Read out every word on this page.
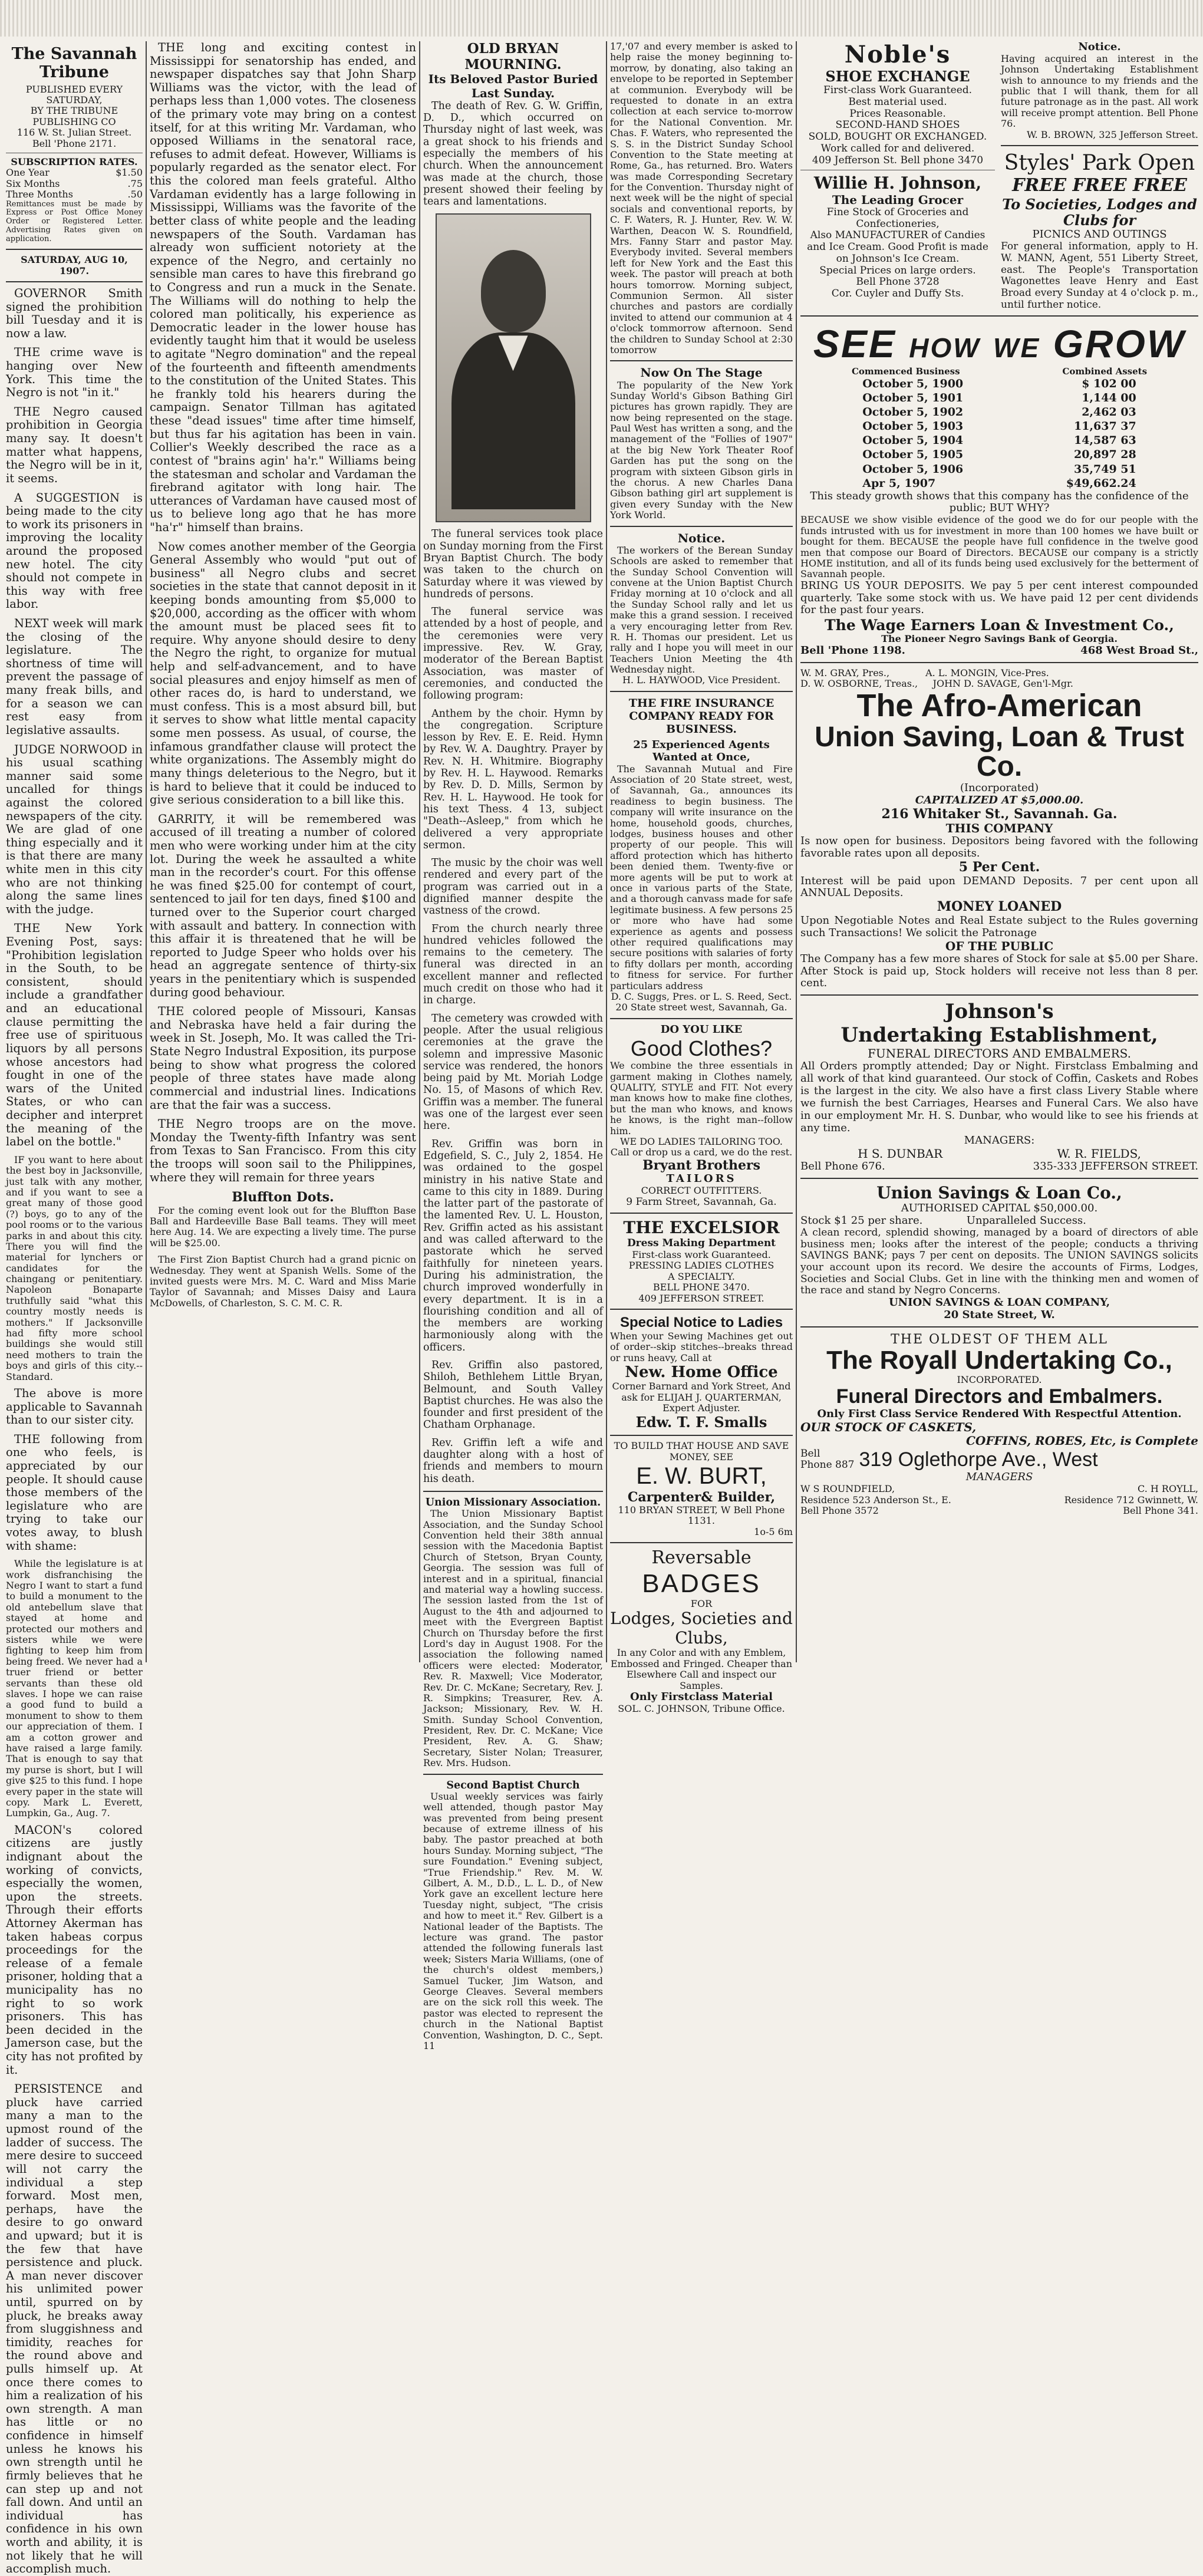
The Savannah Tribune
PUBLISHED EVERY SATURDAY,
BY THE TRIBUNE PUBLISHING CO
116 W. St. Julian Street.
Bell 'Phone 2171.
SUBSCRIPTION RATES.
One Year	$1.50
Six Months	.75
Three Months	.50
Remittances must be made by Express or Post Office Money Order or Registered Letter. Advertising Rates given on application.
SATURDAY, AUG 10, 1907.

GOVERNOR Smith signed the prohibition bill Tuesday and it is now a law.

THE crime wave is hanging over New York. This time the Negro is not "in it."

THE Negro caused prohibition in Georgia many say. It doesn't matter what happens, the Negro will be in it, it seems.

A SUGGESTION is being made to the city to work its prisoners in improving the locality around the proposed new hotel. The city should not compete in this way with free labor.

NEXT week will mark the closing of the legislature. The shortness of time will prevent the passage of many freak bills, and for a season we can rest easy from legislative assaults.

JUDGE NORWOOD in his usual scathing manner said some uncalled for things against the colored newspapers of the city. We are glad of one thing especially and it is that there are many white men in this city who are not thinking along the same lines with the judge.

THE New York Evening Post, says: "Prohibition legislation in the South, to be consistent, should include a grandfather and an educational clause permitting the free use of spirituous liquors by all persons whose ancestors had fought in one of the wars of the United States, or who can decipher and interpret the meaning of the label on the bottle."

IF you want to here about the best boy in Jacksonville, just talk with any mother, and if you want to see a great many of those good (?) boys, go to any of the pool rooms or to the various parks in and about this city. There you will find the material for lynchers or candidates for the chaingang or penitentiary. Napoleon Bonaparte truthfully said "what this country mostly needs is mothers." If Jacksonville had fifty more school buildings she would still need mothers to train the boys and girls of this city.--Standard.

The above is more applicable to Savannah than to our sister city.

THE following from one who feels, is appreciated by our people. It should cause those members of the legislature who are trying to take our votes away, to blush with shame:

While the legislature is at work disfranchising the Negro I want to start a fund to build a monument to the old antebellum slave that stayed at home and protected our mothers and sisters while we were fighting to keep him from being freed. We never had a truer friend or better servants than these old slaves. I hope we can raise a good fund to build a monument to show to them our appreciation of them. I am a cotton grower and have raised a large family. That is enough to say that my purse is short, but I will give $25 to this fund. I hope every paper in the state will copy. Mark L. Everett, Lumpkin, Ga., Aug. 7.

MACON's colored citizens are justly indignant about the working of convicts, especially the women, upon the streets. Through their efforts Attorney Akerman has taken habeas corpus proceedings for the release of a female prisoner, holding that a municipality has no right to so work prisoners. This has been decided in the Jamerson case, but the city has not profited by it.

PERSISTENCE and pluck have carried many a man to the upmost round of the ladder of success. The mere desire to succeed will not carry the individual a step forward. Most men, perhaps, have the desire to go onward and upward; but it is the few that have persistence and pluck. A man never discover his unlimited power until, spurred on by pluck, he breaks away from sluggishness and timidity, reaches for the round above and pulls himself up. At once there comes to him a realization of his own strength. A man has little or no confidence in himself unless he knows his own strength until he firmly believes that he can step up and not fall down. And until an individual has confidence in his own worth and ability, it is not likely that he will accomplish much.

THE long and exciting contest in Mississippi for senatorship has ended, and newspaper dispatches say that John Sharp Williams was the victor, with the lead of perhaps less than 1,000 votes. The closeness of the primary vote may bring on a contest itself, for at this writing Mr. Vardaman, who opposed Williams in the senatoral race, refuses to admit defeat. However, Williams is popularly regarded as the senator elect. For this the colored man feels grateful. Altho Vardaman evidently has a large following in Mississippi, Williams was the favorite of the better class of white people and the leading newspapers of the South. Vardaman has already won sufficient notoriety at the expence of the Negro, and certainly no sensible man cares to have this firebrand go to Congress and run a muck in the Senate. The Williams will do nothing to help the colored man politically, his experience as Democratic leader in the lower house has evidently taught him that it would be useless to agitate "Negro domination" and the repeal of the fourteenth and fifteenth amendments to the constitution of the United States. This he frankly told his hearers during the campaign. Senator Tillman has agitated these "dead issues" time after time himself, but thus far his agitation has been in vain. Collier's Weekly described the race as a contest of "brains agin' ha'r." Williams being the statesman and scholar and Vardaman the firebrand agitator with long hair. The utterances of Vardaman have caused most of us to believe long ago that he has more "ha'r" himself than brains.

Now comes another member of the Georgia General Assembly who would "put out of business" all Negro clubs and secret societies in the state that cannot deposit in it keeping bonds amounting from $5,000 to $20,000, according as the officer with whom the amount must be placed sees fit to require. Why anyone should desire to deny the Negro the right, to organize for mutual help and self-advancement, and to have social pleasures and enjoy himself as men of other races do, is hard to understand, we must confess. This is a most absurd bill, but it serves to show what little mental capacity some men possess. As usual, of course, the infamous grandfather clause will protect the white organizations. The Assembly might do many things deleterious to the Negro, but it is hard to believe that it could be induced to give serious consideration to a bill like this.

GARRITY, it will be remembered was accused of ill treating a number of colored men who were working under him at the city lot. During the week he assaulted a white man in the recorder's court. For this offense he was fined $25.00 for contempt of court, sentenced to jail for ten days, fined $100 and turned over to the Superior court charged with assault and battery. In connection with this affair it is threatened that he will be reported to Judge Speer who holds over his head an aggregate sentence of thirty-six years in the penitentiary which is suspended during good behaviour.

THE colored people of Missouri, Kansas and Nebraska have held a fair during the week in St. Joseph, Mo. It was called the Tri-State Negro Industral Exposition, its purpose being to show what progress the colored people of three states have made along commercial and industrial lines. Indications are that the fair was a success.

THE Negro troops are on the move. Monday the Twenty-fifth Infantry was sent from Texas to San Francisco. From this city the troops will soon sail to the Philippines, where they will remain for three years

Bluffton Dots.

For the coming event look out for the Bluffton Base Ball and Hardeeville Base Ball teams. They will meet here Aug. 14. We are expecting a lively time. The purse will be $25.00.

The First Zion Baptist Church had a grand picnic on Wednesday. They went at Spanish Wells. Some of the invited guests were Mrs. M. C. Ward and Miss Marie Taylor of Savannah; and Misses Daisy and Laura McDowells, of Charleston, S. C. M. C. R.

OLD BRYAN MOURNING.
Its Beloved Pastor Buried Last Sunday.

The death of Rev. G. W. Griffin, D. D., which occurred on Thursday night of last week, was a great shock to his friends and especially the members of his church. When the announcement was made at the church, those present showed their feeling by tears and lamentations.

The funeral services took place on Sunday morning from the First Bryan Baptist Church. The body was taken to the church on Saturday where it was viewed by hundreds of persons.

The funeral service was attended by a host of people, and the ceremonies were very impressive. Rev. W. Gray, moderator of the Berean Baptist Association, was master of ceremonies, and conducted the following program:

Anthem by the choir. Hymn by the congregation. Scripture lesson by Rev. E. E. Reid. Hymn by Rev. W. A. Daughtry. Prayer by Rev. N. H. Whitmire. Biography by Rev. H. L. Haywood. Remarks by Rev. D. D. Mills, Sermon by Rev. H. L. Haywood. He took for his text Thess. 4 13, subject "Death--Asleep," from which he delivered a very appropriate sermon.

The music by the choir was well rendered and every part of the program was carried out in a dignified manner despite the vastness of the crowd.

From the church nearly three hundred vehicles followed the remains to the cemetery. The funeral was directed in an excellent manner and reflected much credit on those who had it in charge.

The cemetery was crowded with people. After the usual religious ceremonies at the grave the solemn and impressive Masonic service was rendered, the honors being paid by Mt. Moriah Lodge No. 15, of Masons of which Rev. Griffin was a member. The funeral was one of the largest ever seen here.

Rev. Griffin was born in Edgefield, S. C., July 2, 1854. He was ordained to the gospel ministry in his native State and came to this city in 1889. During the latter part of the pastorate of the lamented Rev. U. L. Houston, Rev. Griffin acted as his assistant and was called afterward to the pastorate which he served faithfully for nineteen years. During his administration, the church improved wonderfully in every department. It is in a flourishing condition and all of the members are working harmoniously along with the officers.

Rev. Griffin also pastored, Shiloh, Bethlehem Little Bryan, Belmount, and South Valley Baptist churches. He was also the founder and first president of the Chatham Orphanage.

Rev. Griffin left a wife and daughter along with a host of friends and members to mourn his death.

Union Missionary Association.
The Union Missionary Baptist Association, and the Sunday School Convention held their 38th annual session with the Macedonia Baptist Church of Stetson, Bryan County, Georgia. The session was full of interest and in a spiritual, financial and material way a howling success. The session lasted from the 1st of August to the 4th and adjourned to meet with the Evergreen Baptist Church on Thursday before the first Lord's day in August 1908. For the association the following named officers were elected: Moderator, Rev. R. Maxwell; Vice Moderator, Rev. Dr. C. McKane; Secretary, Rev. J. R. Simpkins; Treasurer, Rev. A. Jackson; Missionary, Rev. W. H. Smith. Sunday School Convention, President, Rev. Dr. C. McKane; Vice President, Rev. A. G. Shaw; Secretary, Sister Nolan; Treasurer, Rev. Mrs. Hudson.
Second Baptist Church
Usual weekly services was fairly well attended, though pastor May was prevented from being present because of extreme illness of his baby. The pastor preached at both hours Sunday. Morning subject, "The sure Foundation." Evening subject, "True Friendship." Rev. M. W. Gilbert, A. M., D.D., L. L. D., of New York gave an excellent lecture here Tuesday night, subject, "The crisis and how to meet it." Rev. Gilbert is a National leader of the Baptists. The lecture was grand. The pastor attended the following funerals last week; Sisters Maria Williams, (one of the church's oldest members,) Samuel Tucker, Jim Watson, and George Cleaves. Several members are on the sick roll this week. The pastor was elected to represent the church in the National Baptist Convention, Washington, D. C., Sept. 11
17,'07 and every member is asked to help raise the money beginning to-morrow, by donating, also taking an envelope to be reported in September at communion. Everybody will be requested to donate in an extra collection at each service to-morrow for the National Convention. Mr. Chas. F. Waters, who represented the S. S. in the District Sunday School Convention to the State meeting at Rome, Ga., has returned. Bro. Waters was made Corresponding Secretary for the Convention. Thursday night of next week will be the night of special socials and conventional reports, by C. F. Waters, R. J. Hunter, Rev. W. W. Warthen, Deacon W. S. Roundfield, Mrs. Fanny Starr and pastor May. Everybody invited. Several members left for New York and the East this week. The pastor will preach at both hours tomorrow. Morning subject, Communion Sermon. All sister churches and pastors are cordially invited to attend our communion at 4 o'clock tommorrow afternoon. Send the children to Sunday School at 2:30 tomorrow
Now On The Stage
The popularity of the New York Sunday World's Gibson Bathing Girl pictures has grown rapidly. They are now being represented on the stage. Paul West has written a song, and the management of the "Follies of 1907" at the big New York Theater Roof Garden has put the song on the program with sixteen Gibson girls in the chorus. A new Charles Dana Gibson bathing girl art supplement is given every Sunday with the New York World.
Notice.
The workers of the Berean Sunday Schools are asked to remember that the Sunday School Convention will convene at the Union Baptist Church Friday morning at 10 o'clock and all the Sunday School rally and let us make this a grand session. I received a very encouraging letter from Rev. R. H. Thomas our president. Let us rally and I hope you will meet in our Teachers Union Meeting the 4th Wednesday night.
H. L. HAYWOOD, Vice President.
THE FIRE INSURANCE COMPANY READY FOR BUSINESS.
25 Experienced Agents Wanted at Once,
The Savannah Mutual and Fire Association of 20 State street, west, of Savannah, Ga., announces its readiness to begin business. The company will write insurance on the home, household goods, churches, lodges, business houses and other property of our people. This will afford protection which has hitherto been denied them. Twenty-five or more agents will be put to work at once in various parts of the State, and a thorough canvass made for safe legitimate business. A few persons 25 or more who have had some experience as agents and possess other required qualifications may secure positions with salaries of forty to fifty dollars per month, according to fitness for service. For further particulars address
D. C. Suggs, Pres. or L. S. Reed, Sect. 20 State street west, Savannah, Ga.
DO YOU LIKE
Good Clothes?
We combine the three essentials in garment making in Clothes namely, QUALITY, STYLE and FIT. Not every man knows how to make fine clothes, but the man who knows, and knows he knows, is the right man--follow him.
WE DO LADIES TAILORING TOO. Call or drop us a card, we do the rest.
Bryant Brothers
TAILORS
CORRECT OUTFITTERS.
9 Farm Street, Savannah, Ga.
THE EXCELSIOR
Dress Making Department
First-class work Guaranteed.
PRESSING LADIES CLOTHES
A SPECIALTY.
BELL PHONE 3470.
409 JEFFERSON STREET.
Special Notice to Ladies
When your Sewing Machines get out of order--skip stitches--breaks thread or runs heavy, Call at
New. Home Office
Corner Barnard and York Street, And ask for ELIJAH J. QUARTERMAN, Expert Adjuster.
Edw. T. F. Smalls
TO BUILD THAT HOUSE AND SAVE MONEY, SEE
E. W. BURT,
Carpenter& Builder,
110 BRYAN STREET, W Bell Phone 1131.
1o-5 6m
Reversable
BADGES
FOR
Lodges, Societies and Clubs,
In any Color and with any Emblem, Embossed and Fringed. Cheaper than Elsewhere Call and inspect our Samples.
Only Firstclass Material
SOL. C. JOHNSON, Tribune Office.
Noble's
SHOE EXCHANGE
First-class Work Guaranteed.
Best material used.
Prices Reasonable.
SECOND-HAND SHOES
SOLD, BOUGHT OR EXCHANGED.
Work called for and delivered.
409 Jefferson St. Bell phone 3470
Willie H. Johnson,
The Leading Grocer
Fine Stock of Groceries and Confectioneries,
Also MANUFACTURER of Candies and Ice Cream. Good Profit is made on Johnson's Ice Cream.
Special Prices on large orders.
Bell Phone 3728
Cor. Cuyler and Duffy Sts.
Notice.
Having acquired an interest in the Johnson Undertaking Establishment wish to announce to my friends and the public that I will thank, them for all future patronage as in the past. All work will receive prompt attention. Bell Phone 76.
W. B. BROWN, 325 Jefferson Street.
Styles' Park Open
FREE FREE FREE
To Societies, Lodges and Clubs for
PICNICS AND OUTINGS
For general information, apply to H. W. MANN, Agent, 551 Liberty Street, east. The People's Transportation Wagonettes leave Henry and East Broad every Sunday at 4 o'clock p. m., until further notice.
SEE HOW WE GROW
Commenced Business	Combined Assets
October 5, 1900	$ 102 00
October 5, 1901	1,144 00
October 5, 1902	2,462 03
October 5, 1903	11,637 37
October 5, 1904	14,587 63
October 5, 1905	20,897 28
October 5, 1906	35,749 51
Apr 5, 1907	$49,662.24
This steady growth shows that this company has the confidence of the public; BUT WHY?
BECAUSE we show visible evidence of the good we do for our people with the funds intrusted with us for investment in more than 100 homes we have built or bought for them. BECAUSE the people have full confidence in the twelve good men that compose our Board of Directors. BECAUSE our company is a strictly HOME institution, and all of its funds being used exclusively for the betterment of Savannah people.
BRING US YOUR DEPOSITS. We pay 5 per cent interest compounded quarterly. Take some stock with us. We have paid 12 per cent dividends for the past four years.
The Wage Earners Loan & Investment Co.,
The Pioneer Negro Savings Bank of Georgia.
Bell 'Phone 1198.	468 West Broad St.,
W. M. GRAY, Pres.,            A. L. MONGIN, Vice-Pres.
D. W. OSBORNE, Treas.,     JOHN D. SAVAGE, Gen'l-Mgr.
The Afro-American
Union Saving, Loan & Trust Co.
(Incorporated)
CAPITALIZED AT $5,000.00.
216 Whitaker St., Savannah. Ga.
THIS COMPANY
Is now open for business. Depositors being favored with the following favorable rates upon all deposits.
5 Per Cent.
Interest will be paid upon DEMAND Deposits. 7 per cent upon all ANNUAL Deposits.
MONEY LOANED
Upon Negotiable Notes and Real Estate subject to the Rules governing such Transactions! We solicit the Patronage
OF THE PUBLIC
The Company has a few more shares of Stock for sale at $5.00 per Share. After Stock is paid up, Stock holders will receive not less than 8 per. cent.
Johnson's
Undertaking Establishment,
FUNERAL DIRECTORS AND EMBALMERS.
All Orders promptly attended; Day or Night. Firstclass Embalming and all work of that kind guaranteed. Our stock of Coffin, Caskets and Robes is the largest in the city. We also have a first class Livery Stable where we furnish the best Carriages, Hearses and Funeral Cars. We also have in our employment Mr. H. S. Dunbar, who would like to see his friends at any time.
MANAGERS:
H S. DUNBAR	W. R. FIELDS,
Bell Phone 676.	335-333 JEFFERSON STREET.
Union Savings & Loan Co.,
AUTHORISED CAPITAL $50,000.00.
Stock $1 25 per share.             Unparalleled Success.
A clean record, splendid showing, managed by a board of directors of able business men; looks after the interest of the people; conducts a thriving SAVINGS BANK; pays 7 per cent on deposits. The UNION SAVINGS solicits your account upon its record. We desire the accounts of Firms, Lodges, Societies and Social Clubs. Get in line with the thinking men and women of the race and stand by Negro Concerns.
UNION SAVINGS & LOAN COMPANY,
20 State Street, W.
THE OLDEST OF THEM ALL
The Royall Undertaking Co.,
INCORPORATED.
Funeral Directors and Embalmers.
Only First Class Service Rendered With Respectful Attention.
OUR STOCK OF CASKETS,
COFFINS, ROBES, Etc, is Complete
Bell
Phone 887 319 Oglethorpe Ave., West
MANAGERS
W S ROUNDFIELD,	C. H ROYLL,
Residence 523 Anderson St., E.	Residence 712 Gwinnett, W.
Bell Phone 3572	Bell Phone 341.
